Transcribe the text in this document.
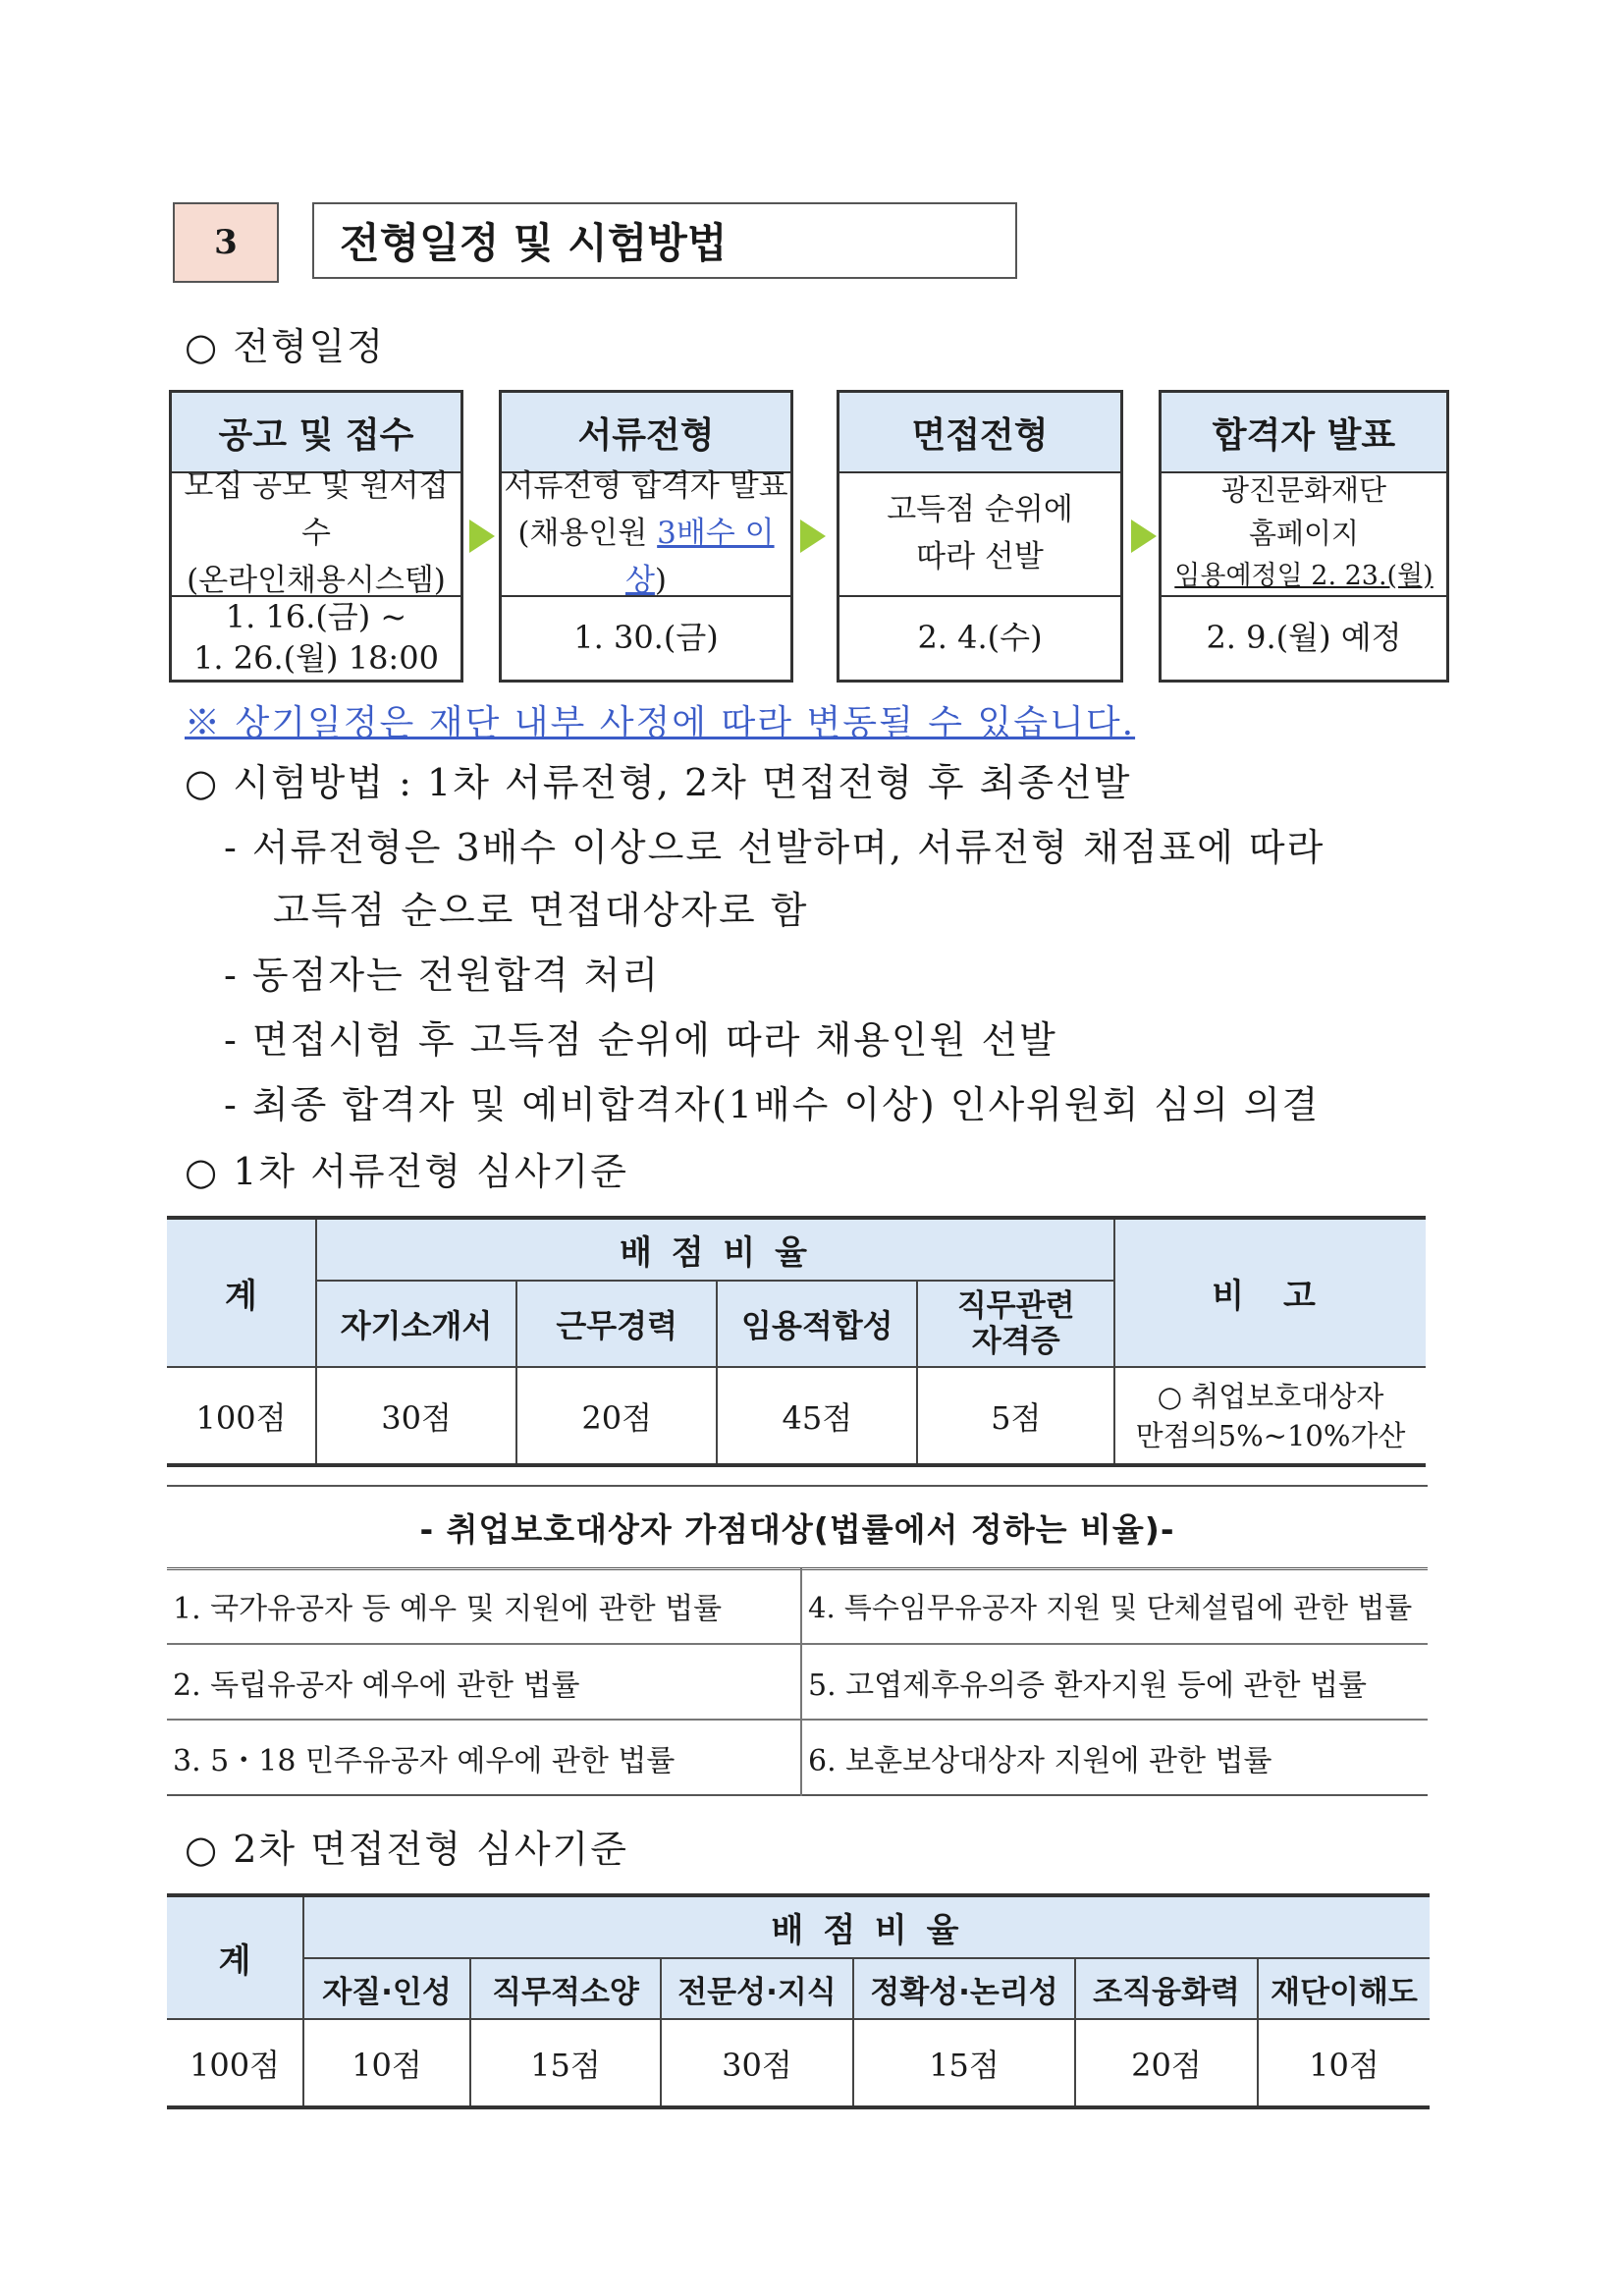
3	전형일정 및 시험방법
○ 전형일정
공고 및 접수
모집 공모 및 원서접수
(온라인채용시스템)
1. 16.(금) ~
1. 26.(월) 18:00
서류전형
서류전형 합격자 발표
(채용인원 3배수 이상)
1. 30.(금)
면접전형
고득점 순위에
따라 선발
2. 4.(수)
합격자 발표
광진문화재단
홈페이지
임용예정일 2. 23.(월)
2. 9.(월) 예정
※ 상기일정은 재단 내부 사정에 따라 변동될 수 있습니다.
○ 시험방법 : 1차 서류전형, 2차 면접전형 후 최종선발
- 서류전형은 3배수 이상으로 선발하며, 서류전형 채점표에 따라
고득점 순으로 면접대상자로 함
- 동점자는 전원합격 처리
- 면접시험 후 고득점 순위에 따라 채용인원 선발
- 최종 합격자 및 예비합격자(1배수 이상) 인사위원회 심의 의결
○ 1차 서류전형 심사기준
계	배 점 비 율				비 고
	자기소개서	근무경력	임용적합성	직무관련 자격증	
100점	30점	20점	45점	5점	○ 취업보호대상자
만점의5%~10%가산
- 취업보호대상자 가점대상(법률에서 정하는 비율)-
1. 국가유공자 등 예우 및 지원에 관한 법률	4. 특수임무유공자 지원 및 단체설립에 관한 법률
2. 독립유공자 예우에 관한 법률	5. 고엽제후유의증 환자지원 등에 관한 법률
3. 5・18 민주유공자 예우에 관한 법률	6. 보훈보상대상자 지원에 관한 법률
○ 2차 면접전형 심사기준
계	배 점 비 율					
	자질·인성	직무적소양	전문성·지식	정확성·논리성	조직융화력	재단이해도
100점	10점	15점	30점	15점	20점	10점
